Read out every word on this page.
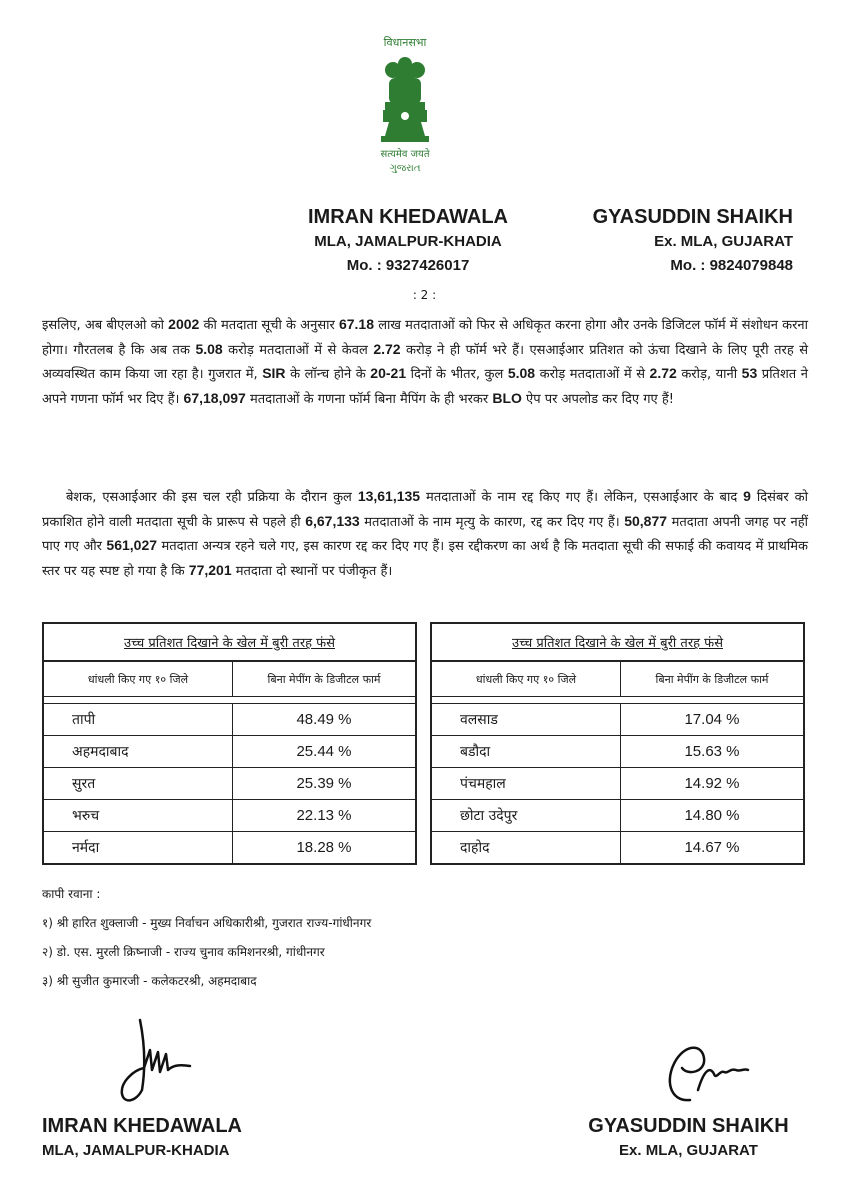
विधानसभा
सत्यमेव जयते
ગુજરાત
IMRAN KHEDAWALA
MLA, JAMALPUR-KHADIA
Mo. : 9327426017
GYASUDDIN SHAIKH
Ex. MLA, GUJARAT
Mo. : 9824079848
: 2 :
इसलिए, अब बीएलओ को 2002 की मतदाता सूची के अनुसार 67.18 लाख मतदाताओं को फिर से अधिकृत करना होगा और उनके डिजिटल फॉर्म में संशोधन करना होगा। गौरतलब है कि अब तक 5.08 करोड़ मतदाताओं में से केवल 2.72 करोड़ ने ही फॉर्म भरे हैं। एसआईआर प्रतिशत को ऊंचा दिखाने के लिए पूरी तरह से अव्यवस्थित काम किया जा रहा है। गुजरात में, SIR के लॉन्च होने के 20-21 दिनों के भीतर, कुल 5.08 करोड़ मतदाताओं में से 2.72 करोड़, यानी 53 प्रतिशत ने अपने गणना फॉर्म भर दिए हैं। 67,18,097 मतदाताओं के गणना फॉर्म बिना मैपिंग के ही भरकर BLO ऐप पर अपलोड कर दिए गए हैं!
बेशक, एसआईआर की इस चल रही प्रक्रिया के दौरान कुल 13,61,135 मतदाताओं के नाम रद्द किए गए हैं। लेकिन, एसआईआर के बाद 9 दिसंबर को प्रकाशित होने वाली मतदाता सूची के प्रारूप से पहले ही 6,67,133 मतदाताओं के नाम मृत्यु के कारण, रद्द कर दिए गए हैं। 50,877 मतदाता अपनी जगह पर नहीं पाए गए और 561,027 मतदाता अन्यत्र रहने चले गए, इस कारण रद्द कर दिए गए हैं। इस रद्दीकरण का अर्थ है कि मतदाता सूची की सफाई की कवायद में प्राथमिक स्तर पर यह स्पष्ट हो गया है कि 77,201 मतदाता दो स्थानों पर पंजीकृत हैं।
उच्च प्रतिशत दिखाने के खेल में बुरी तरह फंसे	
धांधली किए गए १० जिले	बिना मेपींग के डिजीटल फार्म

तापी	48.49 %
अहमदाबाद	25.44 %
सुरत	25.39 %
भरुच	22.13 %
नर्मदा	18.28 %
उच्च प्रतिशत दिखाने के खेल में बुरी तरह फंसे	
धांधली किए गए १० जिले	बिना मेपींग के डिजीटल फार्म

वलसाड	17.04 %
बडौदा	15.63 %
पंचमहाल	14.92 %
छोटा उदेपुर	14.80 %
दाहोद	14.67 %
कापी रवाना :
१) श्री हारित शुक्लाजी - मुख्य निर्वाचन अधिकारीश्री, गुजरात राज्य-गांधीनगर
२) डो. एस. मुरली क्रिष्नाजी - राज्य चुनाव कमिशनरश्री, गांधीनगर
३) श्री सुजीत कुमारजी - कलेकटरश्री, अहमदाबाद
IMRAN KHEDAWALA
MLA, JAMALPUR-KHADIA
GYASUDDIN SHAIKH
Ex. MLA, GUJARAT
